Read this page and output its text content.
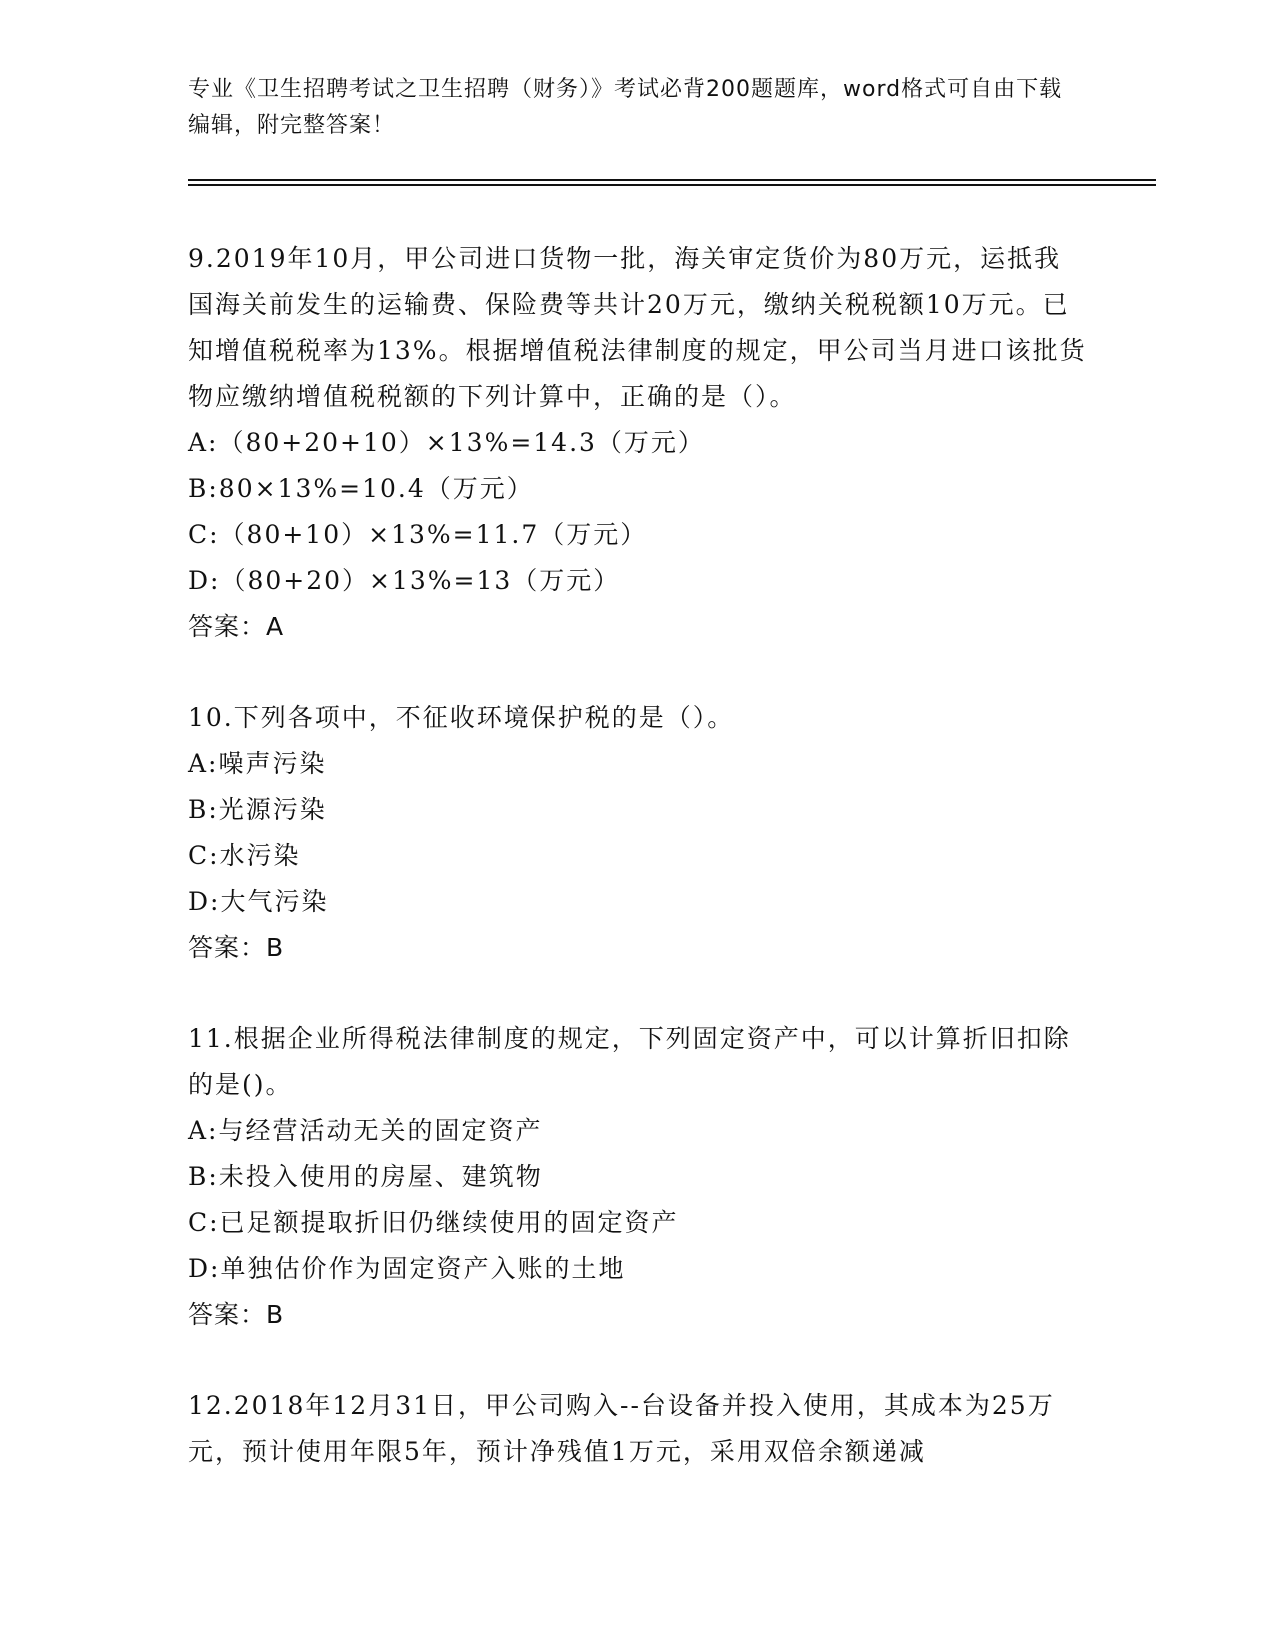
专业《卫生招聘考试之卫生招聘（财务）》考试必背200题题库，word格式可自由下载编辑，附完整答案！

9.2019年10月，甲公司进口货物一批，海关审定货价为80万元，运抵我国海关前发生的运输费、保险费等共计20万元，缴纳关税税额10万元。已知增值税税率为13%。根据增值税法律制度的规定，甲公司当月进口该批货物应缴纳增值税税额的下列计算中，正确的是（）。

A:（80+20+10）×13%=14.3（万元）

B:80×13%=10.4（万元）

C:（80+10）×13%=11.7（万元）

D:（80+20）×13%=13（万元）

答案：A

10.下列各项中，不征收环境保护税的是（）。

A:噪声污染

B:光源污染

C:水污染

D:大气污染

答案：B

11.根据企业所得税法律制度的规定，下列固定资产中，可以计算折旧扣除的是()。

A:与经营活动无关的固定资产

B:未投入使用的房屋、建筑物

C:已足额提取折旧仍继续使用的固定资产

D:单独估价作为固定资产入账的土地

答案：B

12.2018年12月31日，甲公司购入--台设备并投入使用，其成本为25万元，预计使用年限5年，预计净残值1万元，采用双倍余额递减
